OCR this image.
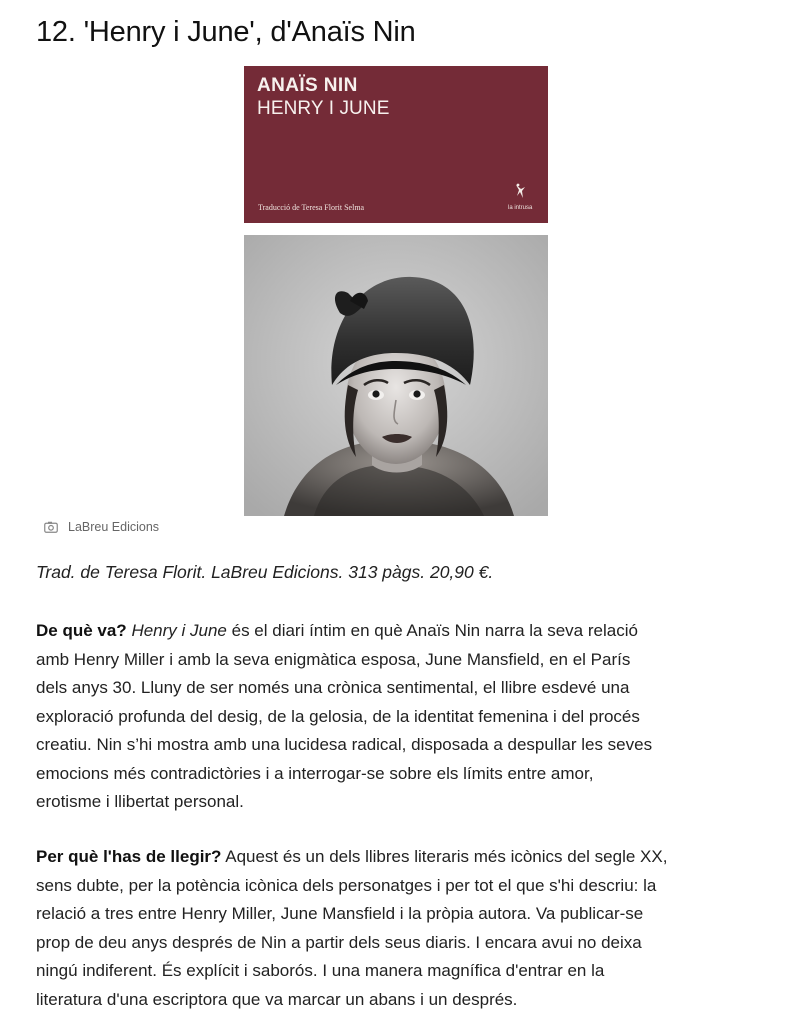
12. 'Henry i June', d'Anaïs Nin
ANAÏS NIN
HENRY I JUNE
Traducció de Teresa Florit Selma	la intrusa
LaBreu Edicions

Trad. de Teresa Florit. LaBreu Edicions. 313 pàgs. 20,90 €.

De què va? Henry i June és el diari íntim en què Anaïs Nin narra la seva relació
amb Henry Miller i amb la seva enigmàtica esposa, June Mansfield, en el París
dels anys 30. Lluny de ser només una crònica sentimental, el llibre esdevé una
exploració profunda del desig, de la gelosia, de la identitat femenina i del procés
creatiu. Nin s’hi mostra amb una lucidesa radical, disposada a despullar les seves
emocions més contradictòries i a interrogar-se sobre els límits entre amor,
erotisme i llibertat personal.

Per què l'has de llegir? Aquest és un dels llibres literaris més icònics del segle XX,
sens dubte, per la potència icònica dels personatges i per tot el que s'hi descriu: la
relació a tres entre Henry Miller, June Mansfield i la pròpia autora. Va publicar-se
prop de deu anys després de Nin a partir dels seus diaris. I encara avui no deixa
ningú indiferent. És explícit i saborós. I una manera magnífica d'entrar en la
literatura d'una escriptora que va marcar un abans i un després.
